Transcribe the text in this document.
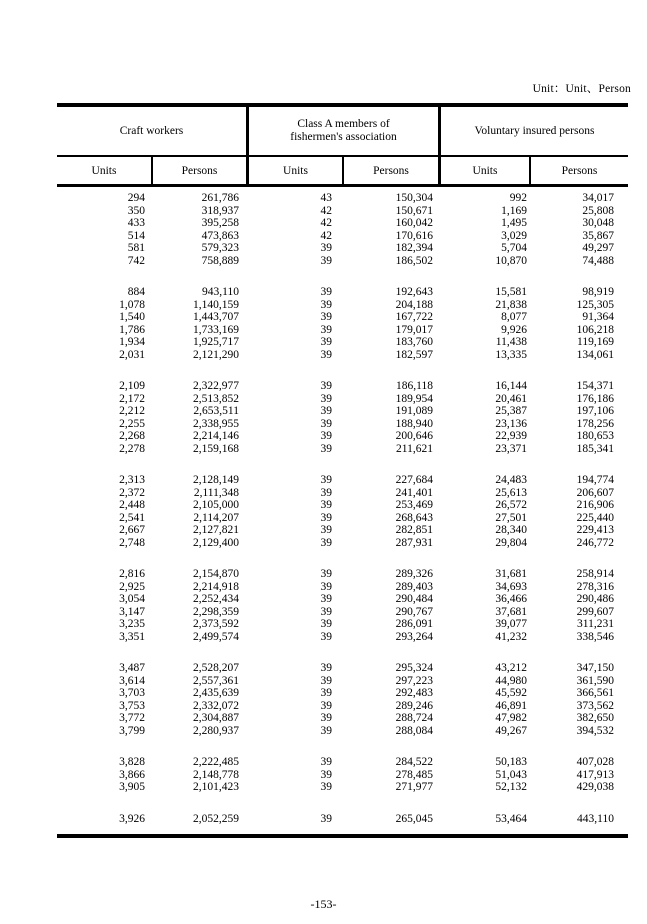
Unit：Unit、Person
Craft workers
Class A members of
fishermen's association
Voluntary insured persons
Units	Persons	Units	Persons	Units	Persons
294	261,786	43	150,304	992	34,017
350	318,937	42	150,671	1,169	25,808
433	395,258	42	160,042	1,495	30,048
514	473,863	42	170,616	3,029	35,867
581	579,323	39	182,394	5,704	49,297
742	758,889	39	186,502	10,870	74,488
884	943,110	39	192,643	15,581	98,919
1,078	1,140,159	39	204,188	21,838	125,305
1,540	1,443,707	39	167,722	8,077	91,364
1,786	1,733,169	39	179,017	9,926	106,218
1,934	1,925,717	39	183,760	11,438	119,169
2,031	2,121,290	39	182,597	13,335	134,061
2,109	2,322,977	39	186,118	16,144	154,371
2,172	2,513,852	39	189,954	20,461	176,186
2,212	2,653,511	39	191,089	25,387	197,106
2,255	2,338,955	39	188,940	23,136	178,256
2,268	2,214,146	39	200,646	22,939	180,653
2,278	2,159,168	39	211,621	23,371	185,341
2,313	2,128,149	39	227,684	24,483	194,774
2,372	2,111,348	39	241,401	25,613	206,607
2,448	2,105,000	39	253,469	26,572	216,906
2,541	2,114,207	39	268,643	27,501	225,440
2,667	2,127,821	39	282,851	28,340	229,413
2,748	2,129,400	39	287,931	29,804	246,772
2,816	2,154,870	39	289,326	31,681	258,914
2,925	2,214,918	39	289,403	34,693	278,316
3,054	2,252,434	39	290,484	36,466	290,486
3,147	2,298,359	39	290,767	37,681	299,607
3,235	2,373,592	39	286,091	39,077	311,231
3,351	2,499,574	39	293,264	41,232	338,546
3,487	2,528,207	39	295,324	43,212	347,150
3,614	2,557,361	39	297,223	44,980	361,590
3,703	2,435,639	39	292,483	45,592	366,561
3,753	2,332,072	39	289,246	46,891	373,562
3,772	2,304,887	39	288,724	47,982	382,650
3,799	2,280,937	39	288,084	49,267	394,532
3,828	2,222,485	39	284,522	50,183	407,028
3,866	2,148,778	39	278,485	51,043	417,913
3,905	2,101,423	39	271,977	52,132	429,038
3,926	2,052,259	39	265,045	53,464	443,110
-153-
